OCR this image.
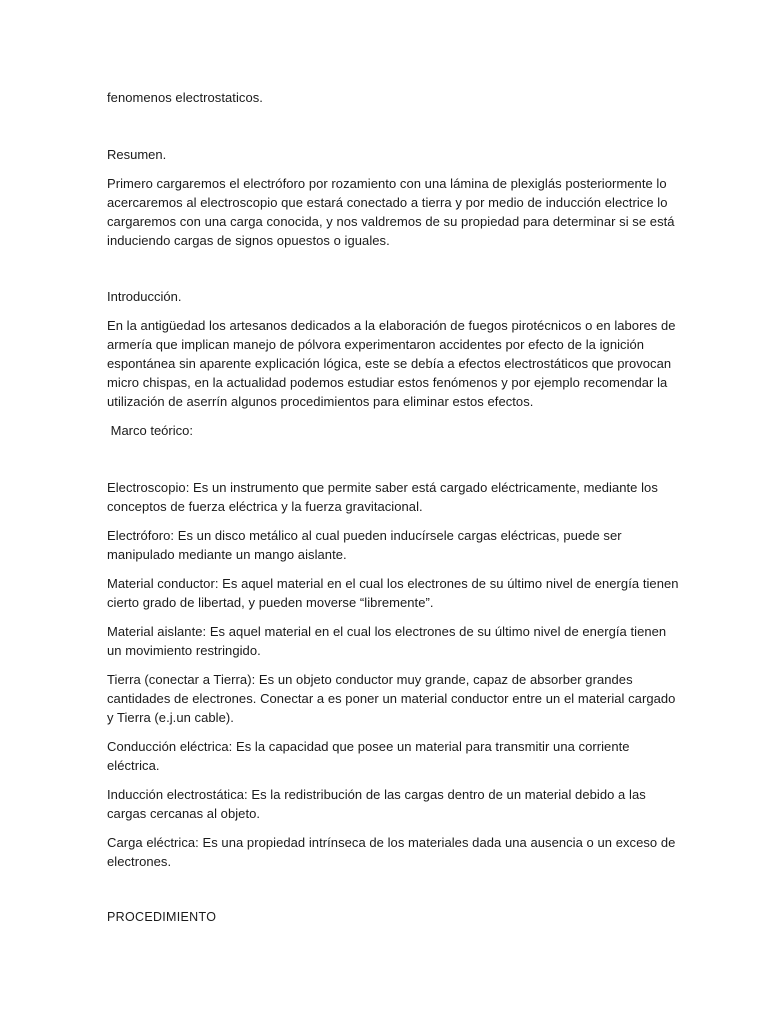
fenomenos electrostaticos.

Resumen.

Primero cargaremos el electróforo por rozamiento con una lámina de plexiglás posteriormente lo acercaremos al electroscopio que estará conectado a tierra y por medio de inducción electrice lo cargaremos con una carga conocida, y nos valdremos de su propiedad para determinar si se está induciendo cargas de signos opuestos o iguales.

Introducción.

En la antigüedad los artesanos dedicados a la elaboración de fuegos pirotécnicos o en labores de armería que implican manejo de pólvora experimentaron accidentes por efecto de la ignición espontánea sin aparente explicación lógica, este se debía a efectos electrostáticos que provocan micro chispas, en la actualidad podemos estudiar estos fenómenos y por ejemplo recomendar la utilización de aserrín algunos procedimientos para eliminar estos efectos.

Marco teórico:

Electroscopio: Es un instrumento que permite saber está cargado eléctricamente, mediante los conceptos de fuerza eléctrica y la fuerza gravitacional.

Electróforo: Es un disco metálico al cual pueden inducírsele cargas eléctricas, puede ser manipulado mediante un mango aislante.

Material conductor: Es aquel material en el cual los electrones de su último nivel de energía tienen cierto grado de libertad, y pueden moverse “libremente”.

Material aislante: Es aquel material en el cual los electrones de su último nivel de energía tienen un movimiento restringido.

Tierra (conectar a Tierra): Es un objeto conductor muy grande, capaz de absorber grandes cantidades de electrones. Conectar a es poner un material conductor entre un el material cargado y Tierra (e.j.un cable).

Conducción eléctrica: Es la capacidad que posee un material para transmitir una corriente eléctrica.

Inducción electrostática: Es la redistribución de las cargas dentro de un material debido a las cargas cercanas al objeto.

Carga eléctrica: Es una propiedad intrínseca de los materiales dada una ausencia o un exceso de electrones.

PROCEDIMIENTO
